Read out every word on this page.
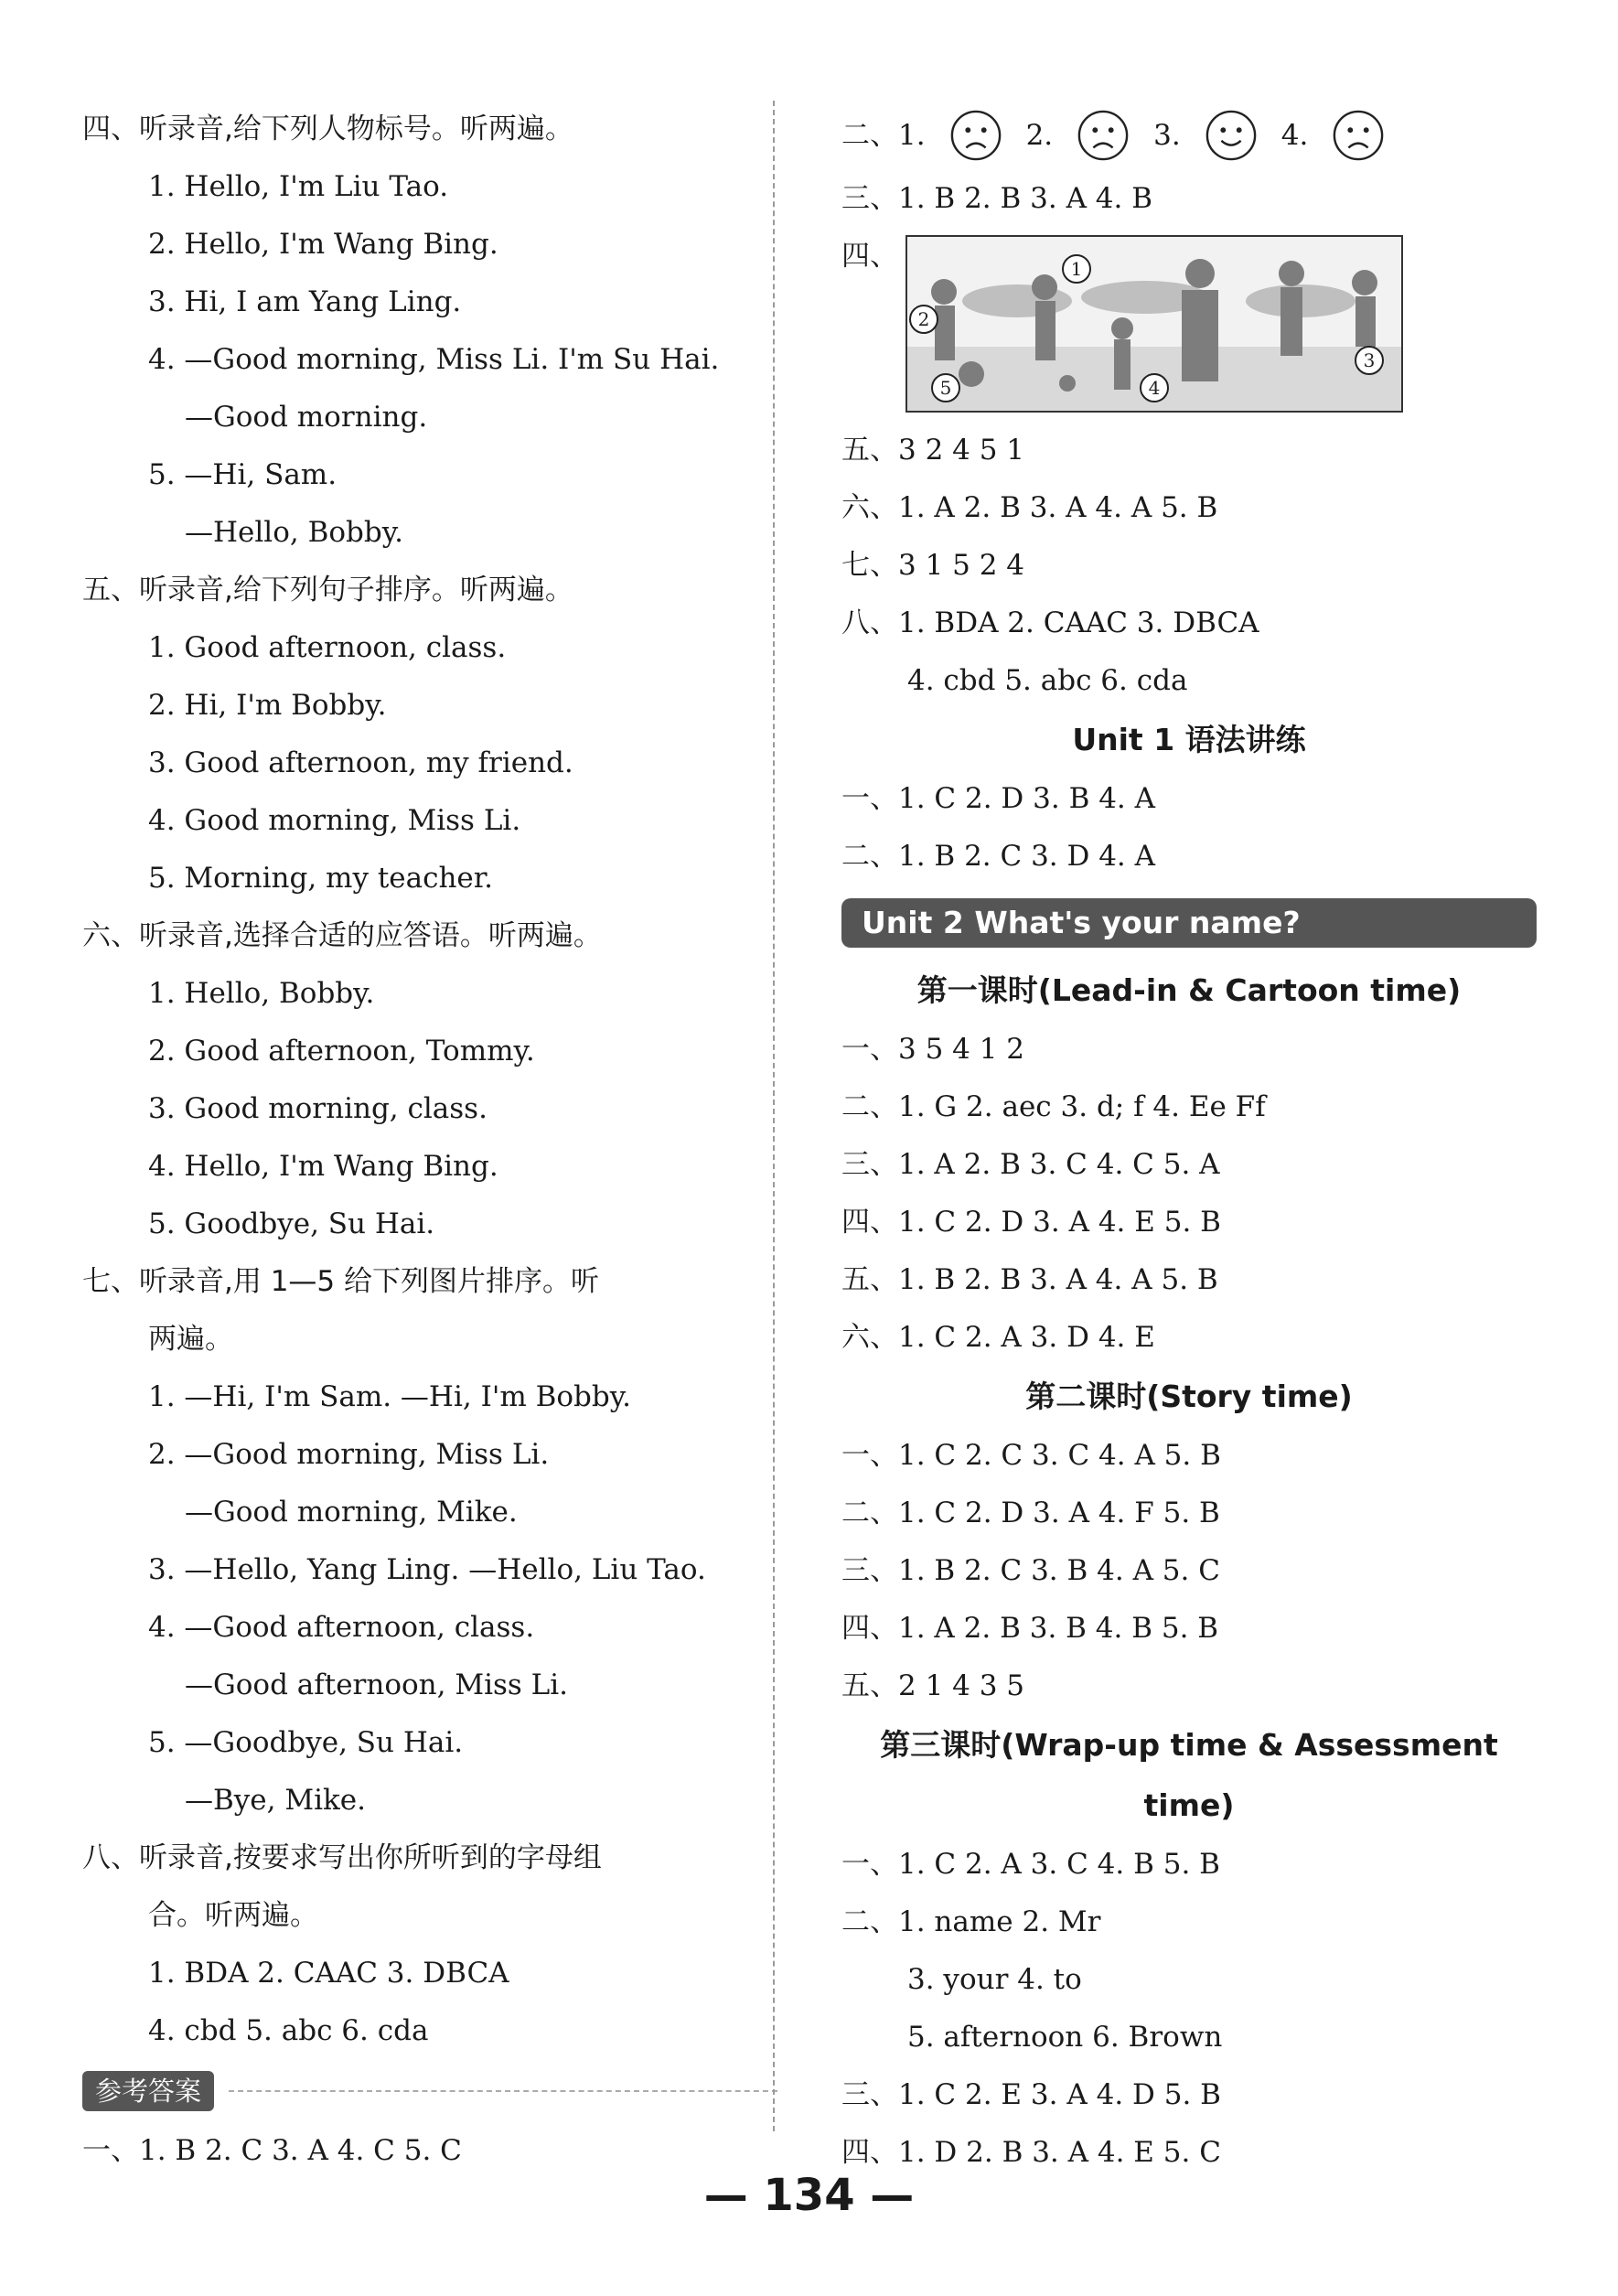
四、听录音,给下列人物标号。听两遍。
1. Hello, I'm Liu Tao.
2. Hello, I'm Wang Bing.
3. Hi, I am Yang Ling.
4. —Good morning, Miss Li. I'm Su Hai.
—Good morning.
5. —Hi, Sam.
—Hello, Bobby.
五、听录音,给下列句子排序。听两遍。
1. Good afternoon, class.
2. Hi, I'm Bobby.
3. Good afternoon, my friend.
4. Good morning, Miss Li.
5. Morning, my teacher.
六、听录音,选择合适的应答语。听两遍。
1. Hello, Bobby.
2. Good afternoon, Tommy.
3. Good morning, class.
4. Hello, I'm Wang Bing.
5. Goodbye, Su Hai.
七、听录音,用 1—5 给下列图片排序。听
两遍。
1. —Hi, I'm Sam. —Hi, I'm Bobby.
2. —Good morning, Miss Li.
—Good morning, Mike.
3. —Hello, Yang Ling. —Hello, Liu Tao.
4. —Good afternoon, class.
—Good afternoon, Miss Li.
5. —Goodbye, Su Hai.
—Bye, Mike.
八、听录音,按要求写出你所听到的字母组
合。听两遍。
1. BDA 2. CAAC 3. DBCA
4. cbd 5. abc 6. cda
参考答案
一、1. B 2. C 3. A 4. C 5. C
二、1.	2.	3.	4.
三、1. B 2. B 3. A 4. B
四、	1
2
3
4
5
五、3 2 4 5 1
六、1. A 2. B 3. A 4. A 5. B
七、3 1 5 2 4
八、1. BDA 2. CAAC 3. DBCA
4. cbd 5. abc 6. cda
Unit 1 语法讲练
一、1. C 2. D 3. B 4. A
二、1. B 2. C 3. D 4. A
Unit 2 What's your name?
第一课时(Lead-in & Cartoon time)
一、3 5 4 1 2
二、1. G 2. aec 3. d; f 4. Ee Ff
三、1. A 2. B 3. C 4. C 5. A
四、1. C 2. D 3. A 4. E 5. B
五、1. B 2. B 3. A 4. A 5. B
六、1. C 2. A 3. D 4. E
第二课时(Story time)
一、1. C 2. C 3. C 4. A 5. B
二、1. C 2. D 3. A 4. F 5. B
三、1. B 2. C 3. B 4. A 5. C
四、1. A 2. B 3. B 4. B 5. B
五、2 1 4 3 5
第三课时(Wrap-up time & Assessment time)
一、1. C 2. A 3. C 4. B 5. B
二、1. name 2. Mr
3. your 4. to
5. afternoon 6. Brown
三、1. C 2. E 3. A 4. D 5. B
四、1. D 2. B 3. A 4. E 5. C
— 134 —
